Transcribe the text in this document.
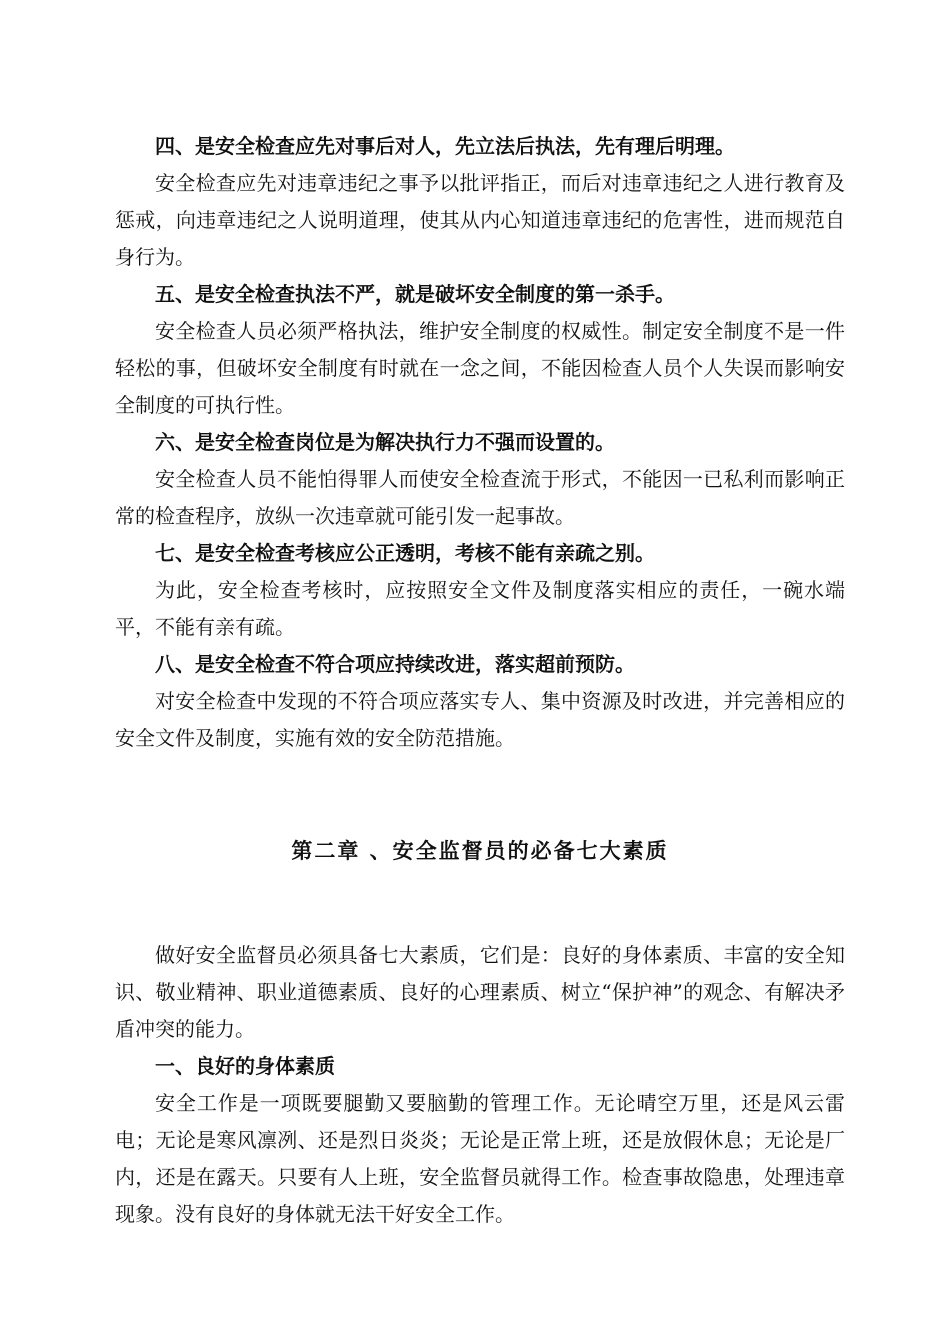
四、是安全检查应先对事后对人，先立法后执法，先有理后明理。

安全检查应先对违章违纪之事予以批评指正，而后对违章违纪之人进行教育及惩戒，向违章违纪之人说明道理，使其从内心知道违章违纪的危害性，进而规范自身行为。

五、是安全检查执法不严，就是破坏安全制度的第一杀手。

安全检查人员必须严格执法，维护安全制度的权威性。制定安全制度不是一件轻松的事，但破坏安全制度有时就在一念之间，不能因检查人员个人失误而影响安全制度的可执行性。

六、是安全检查岗位是为解决执行力不强而设置的。

安全检查人员不能怕得罪人而使安全检查流于形式，不能因一已私利而影响正常的检查程序，放纵一次违章就可能引发一起事故。

七、是安全检查考核应公正透明，考核不能有亲疏之别。

为此，安全检查考核时，应按照安全文件及制度落实相应的责任，一碗水端平，不能有亲有疏。

八、是安全检查不符合项应持续改进，落实超前预防。

对安全检查中发现的不符合项应落实专人、集中资源及时改进，并完善相应的安全文件及制度，实施有效的安全防范措施。

第二章 、安全监督员的必备七大素质

做好安全监督员必须具备七大素质，它们是：良好的身体素质、丰富的安全知识、敬业精神、职业道德素质、良好的心理素质、树立“保护神”的观念、有解决矛盾冲突的能力。

一、良好的身体素质

安全工作是一项既要腿勤又要脑勤的管理工作。无论晴空万里，还是风云雷电；无论是寒风凛冽、还是烈日炎炎；无论是正常上班，还是放假休息；无论是厂内，还是在露天。只要有人上班，安全监督员就得工作。检查事故隐患，处理违章现象。没有良好的身体就无法干好安全工作。
